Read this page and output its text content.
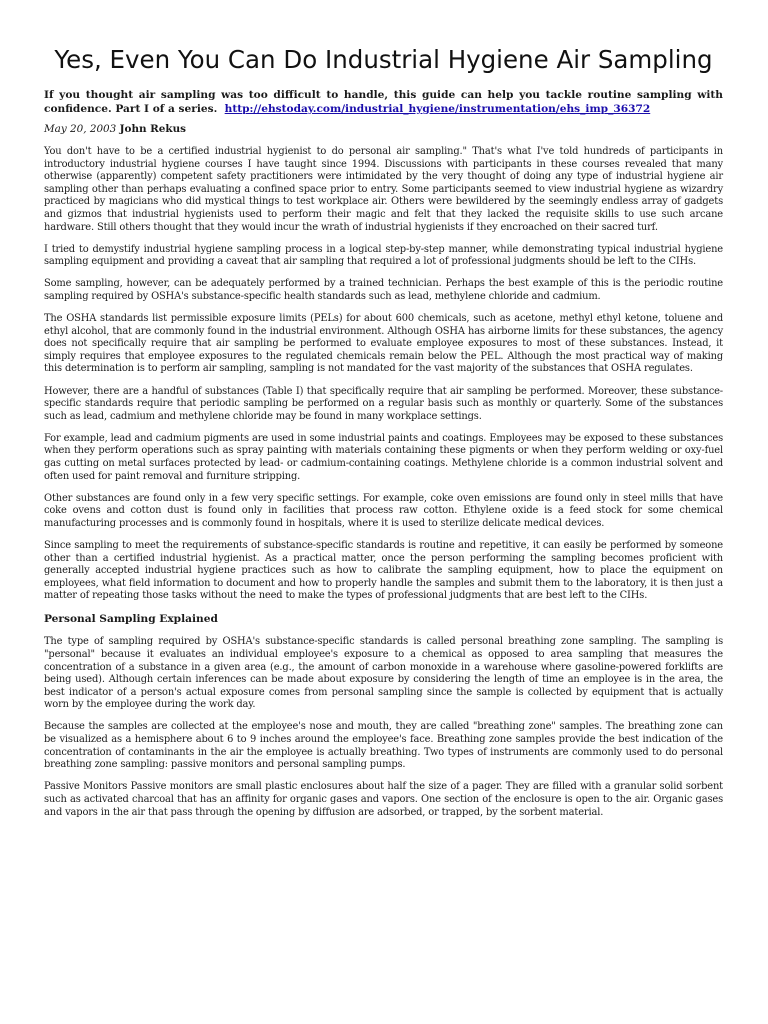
Yes, Even You Can Do Industrial Hygiene Air Sampling

If you thought air sampling was too difficult to handle, this guide can help you tackle routine sampling with confidence. Part I of a series. http://ehstoday.com/industrial_hygiene/instrumentation/ehs_imp_36372

May 20, 2003 John Rekus

You don't have to be a certified industrial hygienist to do personal air sampling." That's what I've told hundreds of participants in introductory industrial hygiene courses I have taught since 1994. Discussions with participants in these courses revealed that many otherwise (apparently) competent safety practitioners were intimidated by the very thought of doing any type of industrial hygiene air sampling other than perhaps evaluating a confined space prior to entry. Some participants seemed to view industrial hygiene as wizardry practiced by magicians who did mystical things to test workplace air. Others were bewildered by the seemingly endless array of gadgets and gizmos that industrial hygienists used to perform their magic and felt that they lacked the requisite skills to use such arcane hardware. Still others thought that they would incur the wrath of industrial hygienists if they encroached on their sacred turf.

I tried to demystify industrial hygiene sampling process in a logical step-by-step manner, while demonstrating typical industrial hygiene sampling equipment and providing a caveat that air sampling that required a lot of professional judgments should be left to the CIHs.

Some sampling, however, can be adequately performed by a trained technician. Perhaps the best example of this is the periodic routine sampling required by OSHA's substance-specific health standards such as lead, methylene chloride and cadmium.

The OSHA standards list permissible exposure limits (PELs) for about 600 chemicals, such as acetone, methyl ethyl ketone, toluene and ethyl alcohol, that are commonly found in the industrial environment. Although OSHA has airborne limits for these substances, the agency does not specifically require that air sampling be performed to evaluate employee exposures to most of these substances. Instead, it simply requires that employee exposures to the regulated chemicals remain below the PEL. Although the most practical way of making this determination is to perform air sampling, sampling is not mandated for the vast majority of the substances that OSHA regulates.

However, there are a handful of substances (Table I) that specifically require that air sampling be performed. Moreover, these substance-specific standards require that periodic sampling be performed on a regular basis such as monthly or quarterly. Some of the substances such as lead, cadmium and methylene chloride may be found in many workplace settings.

For example, lead and cadmium pigments are used in some industrial paints and coatings. Employees may be exposed to these substances when they perform operations such as spray painting with materials containing these pigments or when they perform welding or oxy-fuel gas cutting on metal surfaces protected by lead- or cadmium-containing coatings. Methylene chloride is a common industrial solvent and often used for paint removal and furniture stripping.

Other substances are found only in a few very specific settings. For example, coke oven emissions are found only in steel mills that have coke ovens and cotton dust is found only in facilities that process raw cotton. Ethylene oxide is a feed stock for some chemical manufacturing processes and is commonly found in hospitals, where it is used to sterilize delicate medical devices.

Since sampling to meet the requirements of substance-specific standards is routine and repetitive, it can easily be performed by someone other than a certified industrial hygienist. As a practical matter, once the person performing the sampling becomes proficient with generally accepted industrial hygiene practices such as how to calibrate the sampling equipment, how to place the equipment on employees, what field information to document and how to properly handle the samples and submit them to the laboratory, it is then just a matter of repeating those tasks without the need to make the types of professional judgments that are best left to the CIHs.

Personal Sampling Explained

The type of sampling required by OSHA's substance-specific standards is called personal breathing zone sampling. The sampling is "personal" because it evaluates an individual employee's exposure to a chemical as opposed to area sampling that measures the concentration of a substance in a given area (e.g., the amount of carbon monoxide in a warehouse where gasoline-powered forklifts are being used). Although certain inferences can be made about exposure by considering the length of time an employee is in the area, the best indicator of a person's actual exposure comes from personal sampling since the sample is collected by equipment that is actually worn by the employee during the work day.

Because the samples are collected at the employee's nose and mouth, they are called "breathing zone" samples. The breathing zone can be visualized as a hemisphere about 6 to 9 inches around the employee's face. Breathing zone samples provide the best indication of the concentration of contaminants in the air the employee is actually breathing. Two types of instruments are commonly used to do personal breathing zone sampling: passive monitors and personal sampling pumps.

Passive Monitors Passive monitors are small plastic enclosures about half the size of a pager. They are filled with a granular solid sorbent such as activated charcoal that has an affinity for organic gases and vapors. One section of the enclosure is open to the air. Organic gases and vapors in the air that pass through the opening by diffusion are adsorbed, or trapped, by the sorbent material.
